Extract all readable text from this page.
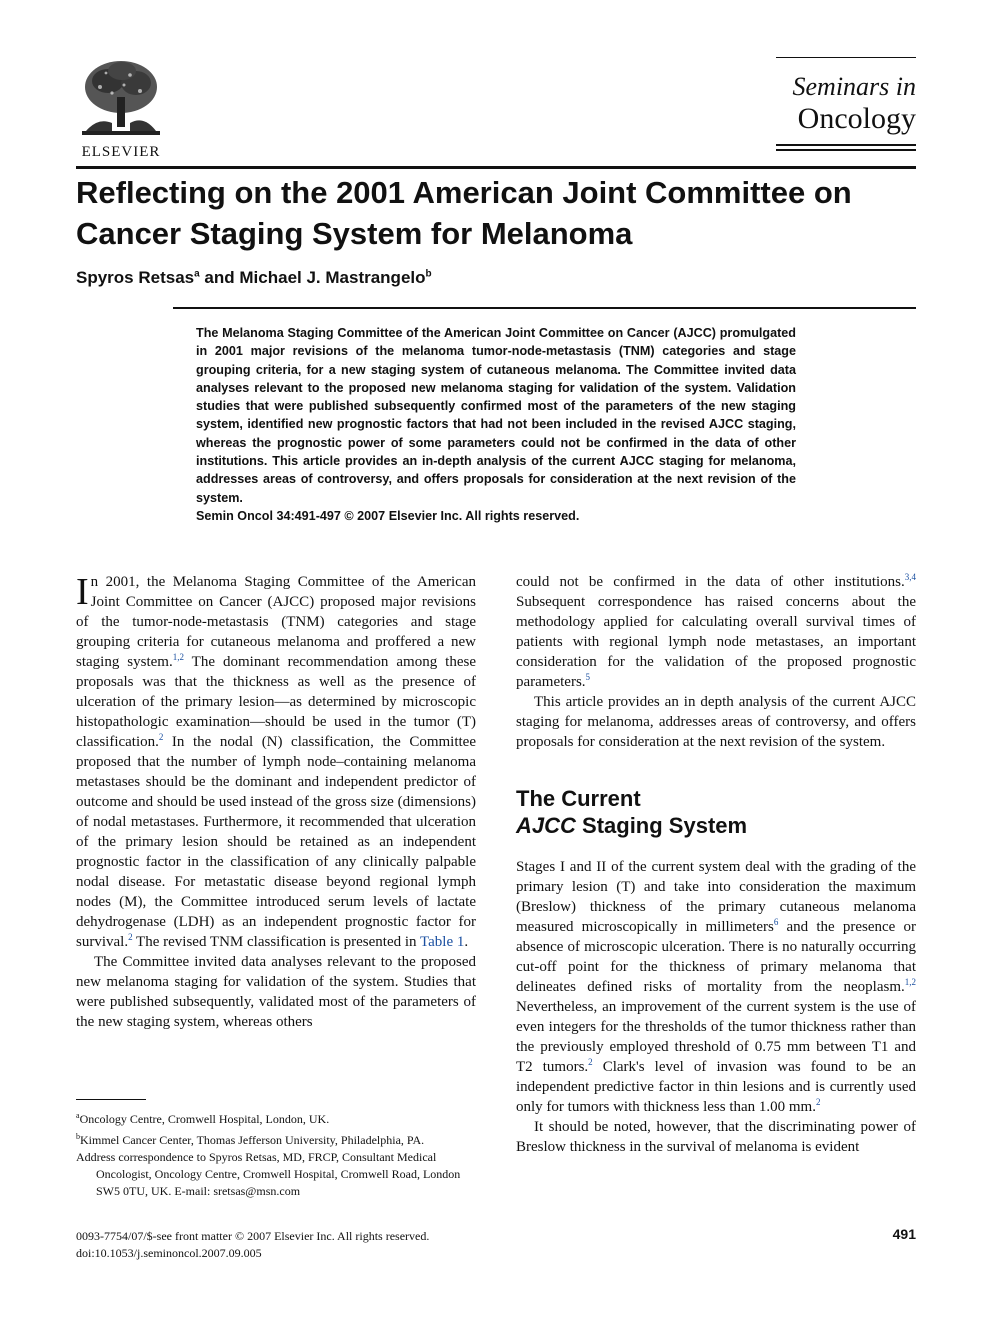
ELSEVIER
Seminars in
Oncology
Reflecting on the 2001 American Joint Committee on Cancer Staging System for Melanoma
Spyros Retsas$^a$ and Michael J. Mastrangelo$^b$
The Melanoma Staging Committee of the American Joint Committee on Cancer (AJCC) promulgated in 2001 major revisions of the melanoma tumor-node-metastasis (TNM) categories and stage grouping criteria, for a new staging system of cutaneous melanoma. The Committee invited data analyses relevant to the proposed new melanoma staging for validation of the system. Validation studies that were published subsequently confirmed most of the parameters of the new staging system, identified new prognostic factors that had not been included in the revised AJCC staging, whereas the prognostic power of some parameters could not be confirmed in the data of other institutions. This article provides an in-depth analysis of the current AJCC staging for melanoma, addresses areas of controversy, and offers proposals for consideration at the next revision of the system.
Semin Oncol 34:491-497 © 2007 Elsevier Inc. All rights reserved.

In 2001, the Melanoma Staging Committee of the American Joint Committee on Cancer (AJCC) proposed major revisions of the tumor-node-metastasis (TNM) categories and stage grouping criteria for cutaneous melanoma and proffered a new staging system.$^{1,2}$ The dominant recommendation among these proposals was that the thickness as well as the presence of ulceration of the primary lesion—as determined by microscopic histopathologic examination—should be used in the tumor (T) classification.$^2$ In the nodal (N) classification, the Committee proposed that the number of lymph node–containing melanoma metastases should be the dominant and independent predictor of outcome and should be used instead of the gross size (dimensions) of nodal metastases. Furthermore, it recommended that ulceration of the primary lesion should be retained as an independent prognostic factor in the classification of any clinically palpable nodal disease. For metastatic disease beyond regional lymph nodes (M), the Committee introduced serum levels of lactate dehydrogenase (LDH) as an independent prognostic factor for survival.$^2$ The revised TNM classification is presented in Table 1.

The Committee invited data analyses relevant to the proposed new melanoma staging for validation of the system. Studies that were published subsequently, validated most of the parameters of the new staging system, whereas others

could not be confirmed in the data of other institutions.$^{3,4}$ Subsequent correspondence has raised concerns about the methodology applied for calculating overall survival times of patients with regional lymph node metastases, an important consideration for the validation of the proposed prognostic parameters.$^5$

This article provides an in depth analysis of the current AJCC staging for melanoma, addresses areas of controversy, and offers proposals for consideration at the next revision of the system.

The Current
AJCC Staging System

Stages I and II of the current system deal with the grading of the primary lesion (T) and take into consideration the maximum (Breslow) thickness of the primary cutaneous melanoma measured microscopically in millimeters$^6$ and the presence or absence of microscopic ulceration. There is no naturally occurring cut-off point for the thickness of primary melanoma that delineates defined risks of mortality from the neoplasm.$^{1,2}$ Nevertheless, an improvement of the current system is the use of even integers for the thresholds of the tumor thickness rather than the previously employed threshold of 0.75 mm between T1 and T2 tumors.$^2$ Clark's level of invasion was found to be an independent predictive factor in thin lesions and is currently used only for tumors with thickness less than 1.00 mm.$^2$

It should be noted, however, that the discriminating power of Breslow thickness in the survival of melanoma is evident

$^a$Oncology Centre, Cromwell Hospital, London, UK.

$^b$Kimmel Cancer Center, Thomas Jefferson University, Philadelphia, PA.

Address correspondence to Spyros Retsas, MD, FRCP, Consultant Medical Oncologist, Oncology Centre, Cromwell Hospital, Cromwell Road, London SW5 0TU, UK. E-mail: sretsas@msn.com

0093-7754/07/$-see front matter © 2007 Elsevier Inc. All rights reserved.
doi:10.1053/j.seminoncol.2007.09.005
491
